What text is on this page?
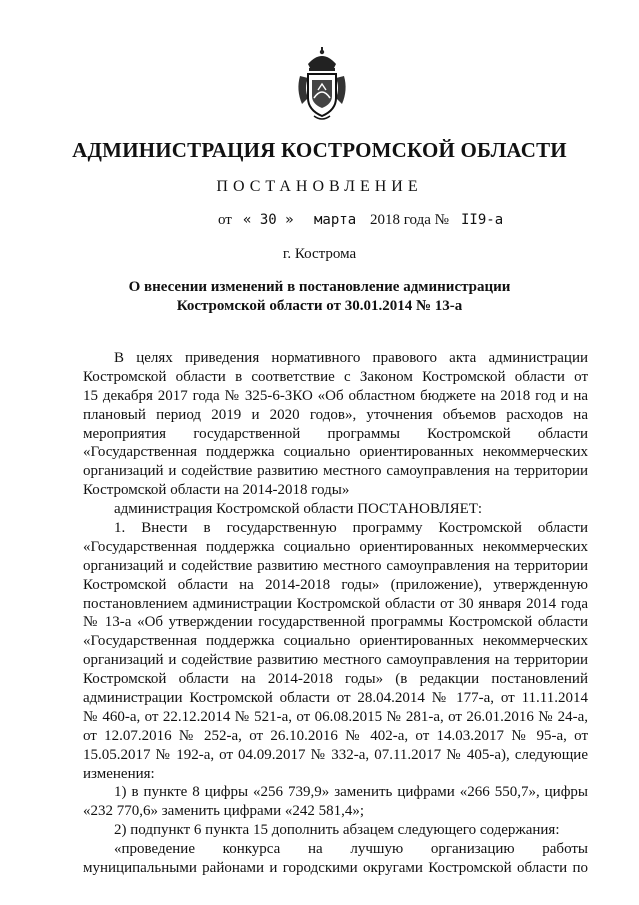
АДМИНИСТРАЦИЯ КОСТРОМСКОЙ ОБЛАСТИ
ПОСТАНОВЛЕНИЕ
от « 30 » марта 2018 года № II9-а
г. Кострома
О внесении изменений в постановление администрации
Костромской области от 30.01.2014 № 13-а
В целях приведения нормативного правового акта администрации
Костромской области в соответствие с Законом Костромской области от
15 декабря 2017 года № 325-6-ЗКО «Об областном бюджете на 2018 год и на
плановый период 2019 и 2020 годов», уточнения объемов расходов на
мероприятия государственной программы Костромской области
«Государственная поддержка социально ориентированных некоммерческих
организаций и содействие развитию местного самоуправления на территории
Костромской области на 2014-2018 годы»
администрация Костромской области ПОСТАНОВЛЯЕТ:
1. Внести в государственную программу Костромской области
«Государственная поддержка социально ориентированных некоммерческих
организаций и содействие развитию местного самоуправления на территории
Костромской области на 2014-2018 годы» (приложение), утвержденную
постановлением администрации Костромской области от 30 января 2014 года
№ 13-а «Об утверждении государственной программы Костромской области
«Государственная поддержка социально ориентированных некоммерческих
организаций и содействие развитию местного самоуправления на территории
Костромской области на 2014-2018 годы» (в редакции постановлений
администрации Костромской области от 28.04.2014 № 177-а, от 11.11.2014
№ 460-а, от 22.12.2014 № 521-а, от 06.08.2015 № 281-а, от 26.01.2016 № 24-а,
от 12.07.2016 № 252-а, от 26.10.2016 № 402-а, от 14.03.2017 № 95-а, от
15.05.2017 № 192-а, от 04.09.2017 № 332-а, 07.11.2017 № 405-а), следующие
изменения:
1) в пункте 8 цифры «256 739,9» заменить цифрами «266 550,7», цифры
«232 770,6» заменить цифрами «242 581,4»;
2) подпункт 6 пункта 15 дополнить абзацем следующего содержания:
«проведение конкурса на лучшую организацию работы
муниципальными районами и городскими округами Костромской области по
